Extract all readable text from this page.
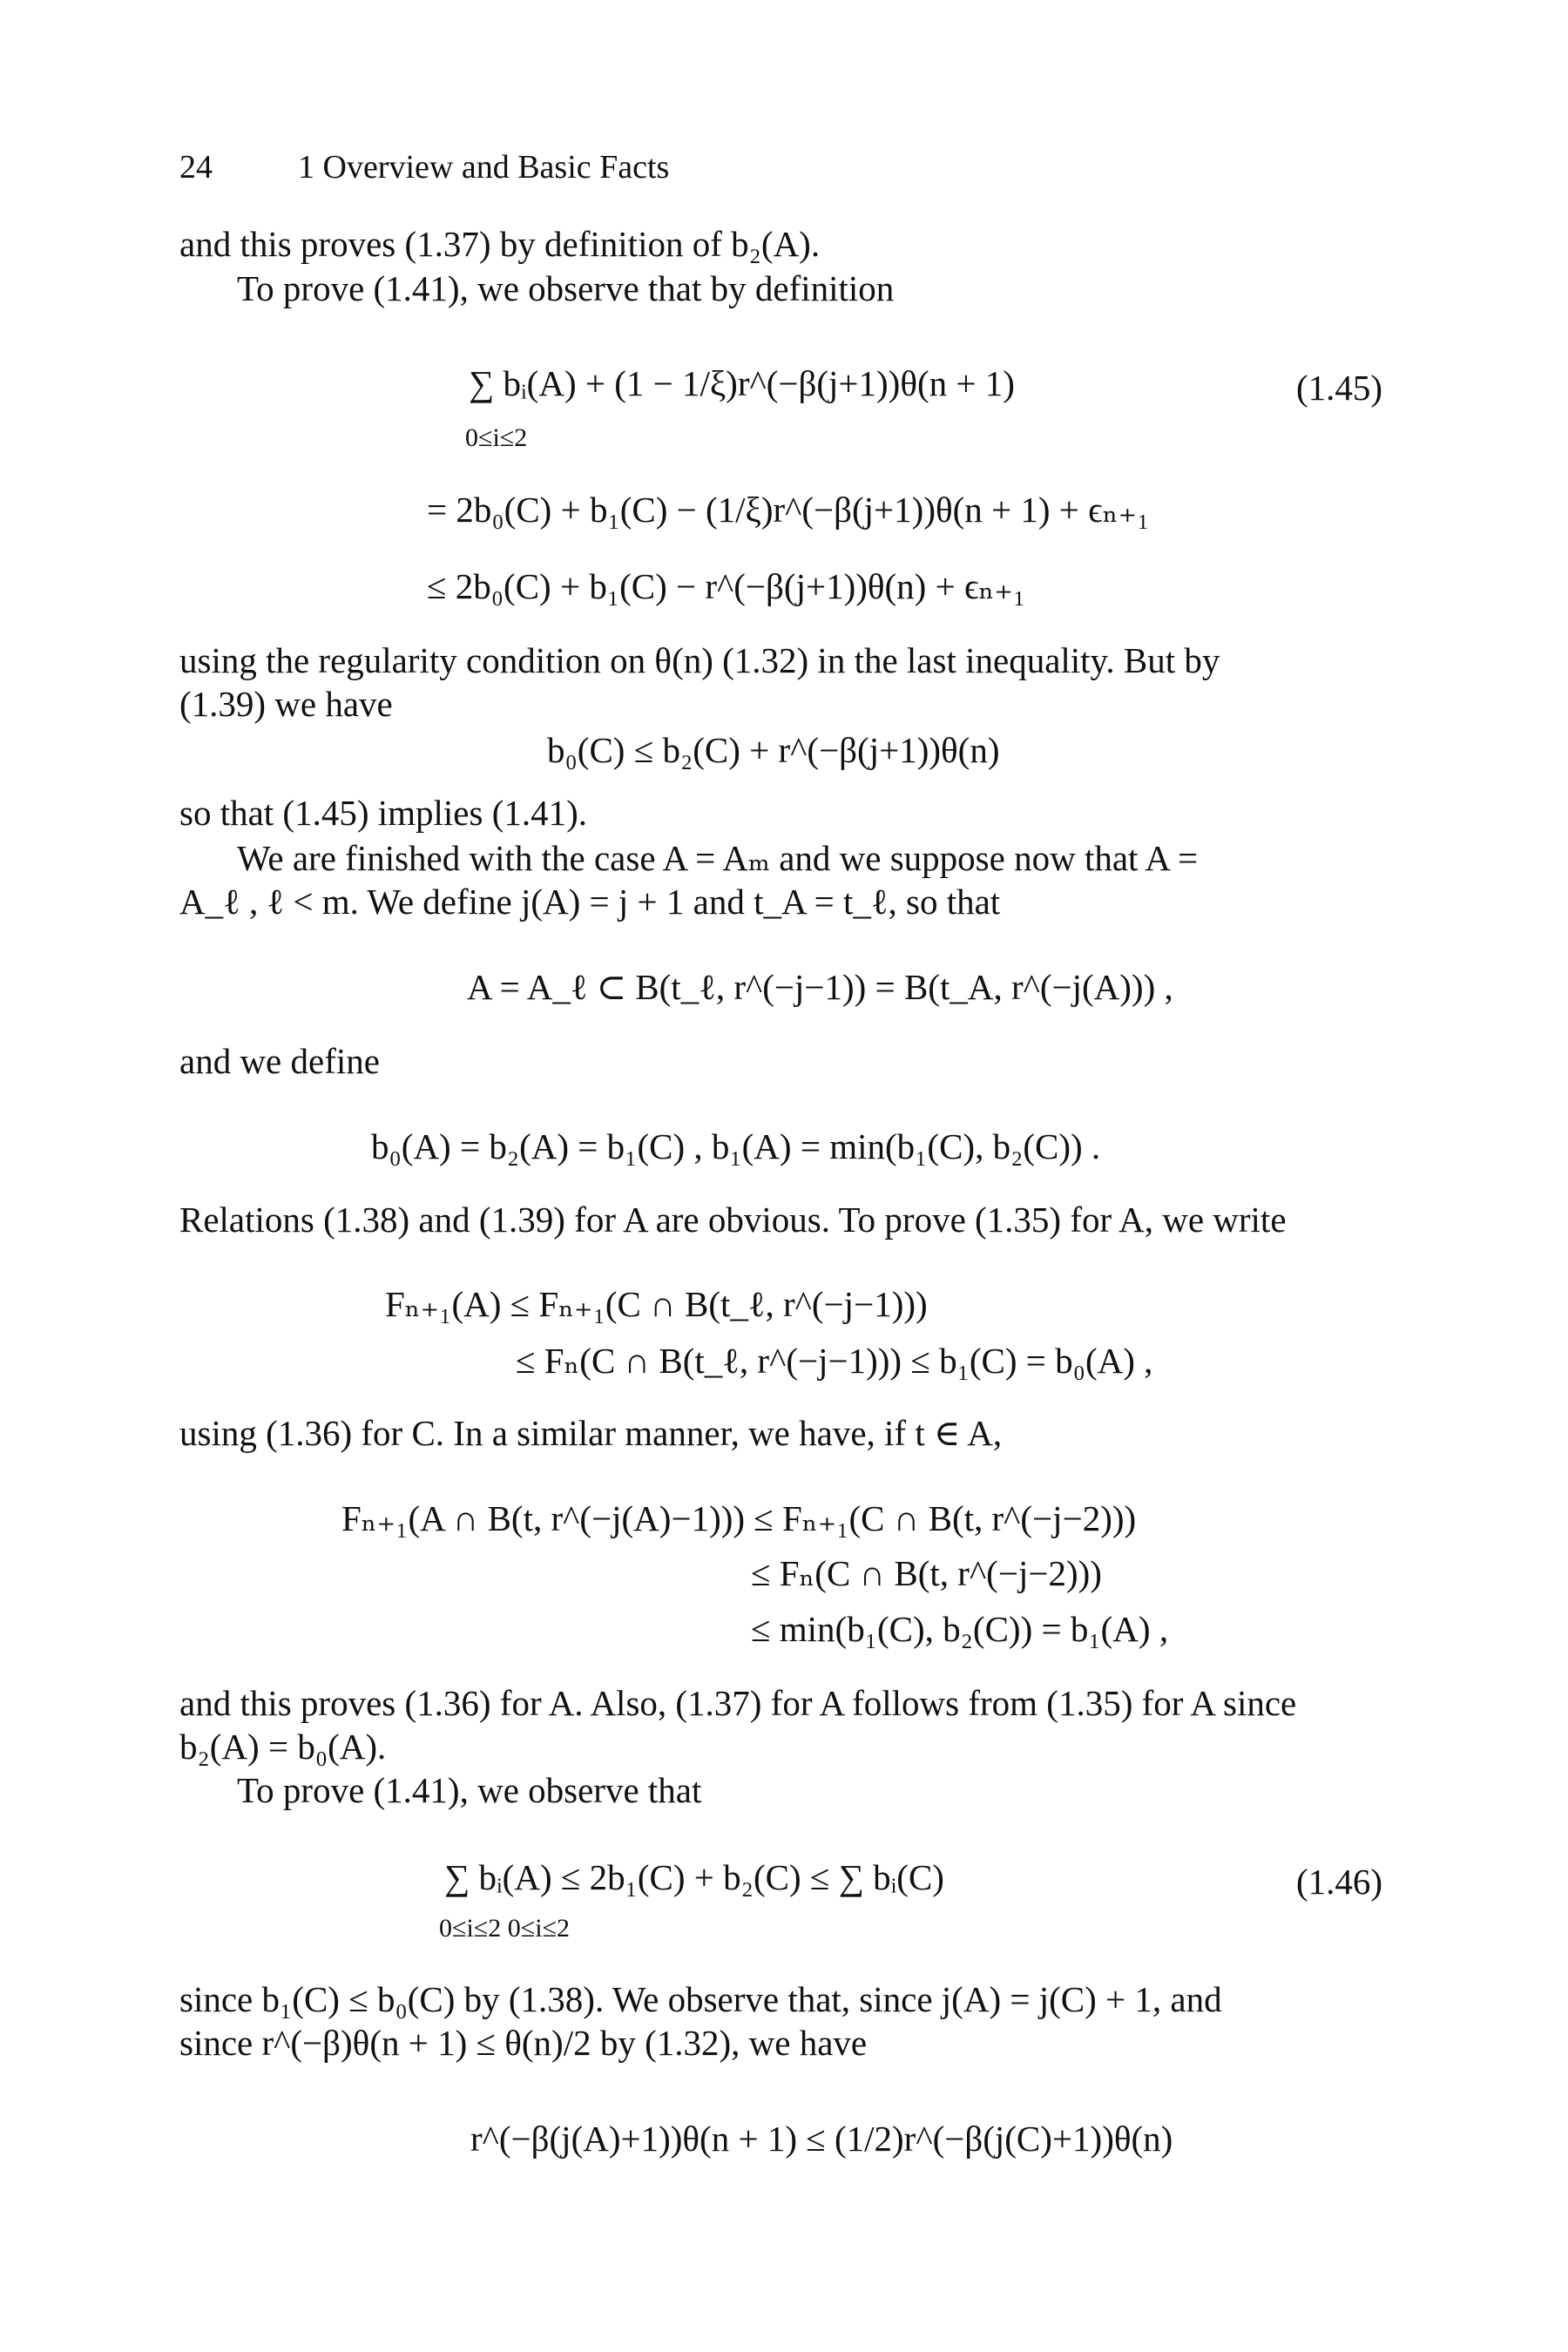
24	1 Overview and Basic Facts
and this proves (1.37) by definition of b₂(A).
To prove (1.41), we observe that by definition
∑ bᵢ(A) + (1 − 1/ξ)r^(−β(j+1))θ(n + 1)
0≤i≤2
(1.45)
= 2b₀(C) + b₁(C) − (1/ξ)r^(−β(j+1))θ(n + 1) + ϵₙ₊₁
≤ 2b₀(C) + b₁(C) − r^(−β(j+1))θ(n) + ϵₙ₊₁
using the regularity condition on θ(n) (1.32) in the last inequality. But by
(1.39) we have
b₀(C) ≤ b₂(C) + r^(−β(j+1))θ(n)
so that (1.45) implies (1.41).
We are finished with the case A = Aₘ and we suppose now that A =
A_ℓ , ℓ < m. We define j(A) = j + 1 and t_A = t_ℓ, so that
A = A_ℓ ⊂ B(t_ℓ, r^(−j−1)) = B(t_A, r^(−j(A))) ,
and we define
b₀(A) = b₂(A) = b₁(C) , b₁(A) = min(b₁(C), b₂(C)) .
Relations (1.38) and (1.39) for A are obvious. To prove (1.35) for A, we write
Fₙ₊₁(A) ≤ Fₙ₊₁(C ∩ B(t_ℓ, r^(−j−1)))
≤ Fₙ(C ∩ B(t_ℓ, r^(−j−1))) ≤ b₁(C) = b₀(A) ,
using (1.36) for C. In a similar manner, we have, if t ∈ A,
Fₙ₊₁(A ∩ B(t, r^(−j(A)−1))) ≤ Fₙ₊₁(C ∩ B(t, r^(−j−2)))
≤ Fₙ(C ∩ B(t, r^(−j−2)))
≤ min(b₁(C), b₂(C)) = b₁(A) ,
and this proves (1.36) for A. Also, (1.37) for A follows from (1.35) for A since
b₂(A) = b₀(A).
To prove (1.41), we observe that
∑ bᵢ(A) ≤ 2b₁(C) + b₂(C) ≤ ∑ bᵢ(C)
0≤i≤2 0≤i≤2
(1.46)
since b₁(C) ≤ b₀(C) by (1.38). We observe that, since j(A) = j(C) + 1, and
since r^(−β)θ(n + 1) ≤ θ(n)/2 by (1.32), we have
r^(−β(j(A)+1))θ(n + 1) ≤ (1/2)r^(−β(j(C)+1))θ(n)
